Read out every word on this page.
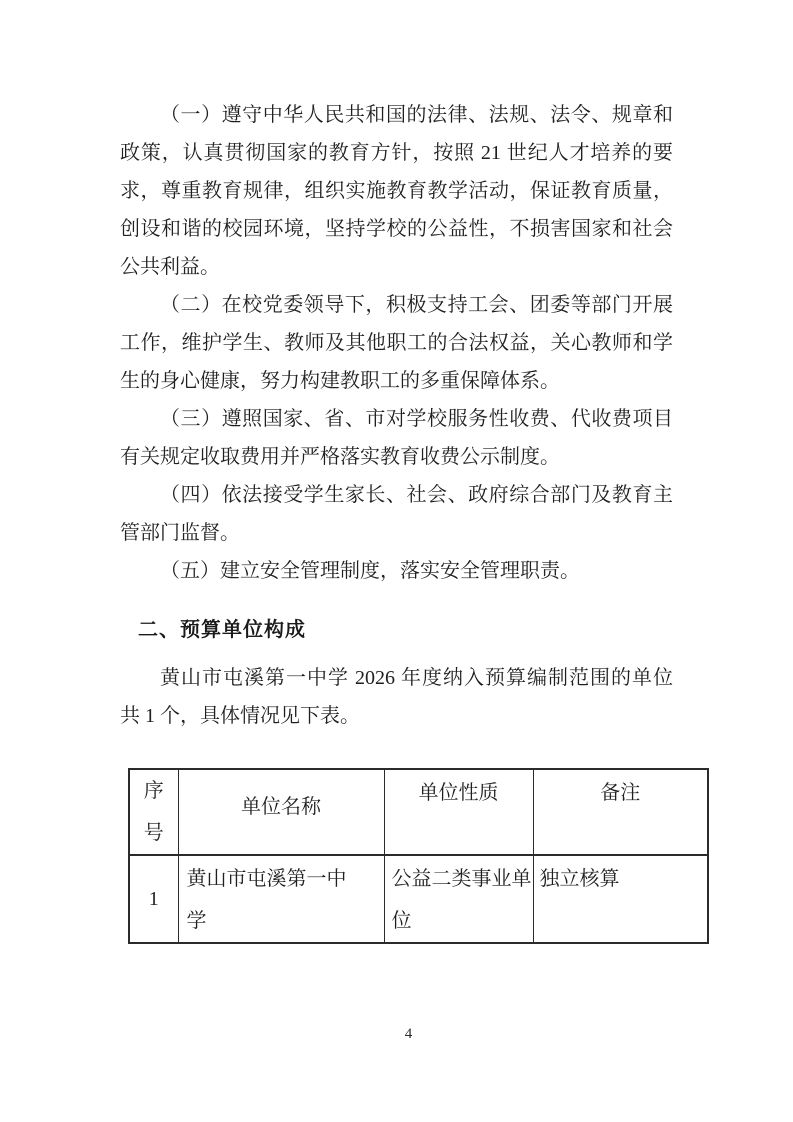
（一）遵守中华人民共和国的法律、法规、法令、规章和
政策，认真贯彻国家的教育方针，按照 21 世纪人才培养的要
求，尊重教育规律，组织实施教育教学活动，保证教育质量，
创设和谐的校园环境，坚持学校的公益性，不损害国家和社会
公共利益。
（二）在校党委领导下，积极支持工会、团委等部门开展
工作，维护学生、教师及其他职工的合法权益，关心教师和学
生的身心健康，努力构建教职工的多重保障体系。
（三）遵照国家、省、市对学校服务性收费、代收费项目
有关规定收取费用并严格落实教育收费公示制度。
（四）依法接受学生家长、社会、政府综合部门及教育主
管部门监督。
（五）建立安全管理制度，落实安全管理职责。
二、预算单位构成
黄山市屯溪第一中学 2026 年度纳入预算编制范围的单位
共 1 个，具体情况见下表。
序号	单位名称	单位性质	备注
1	黄山市屯溪第一中学	公益二类事业单位	独立核算
4
